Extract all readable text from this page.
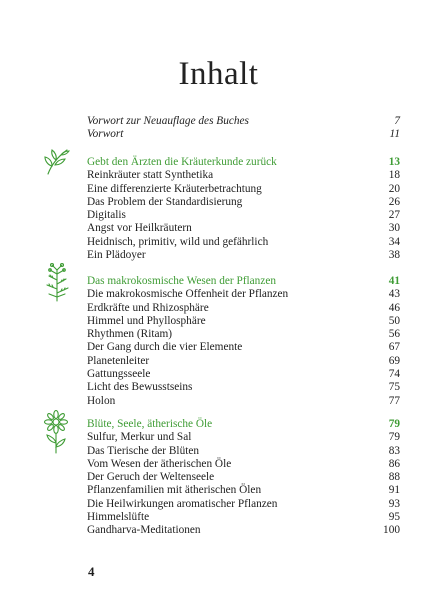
Inhalt
Vorwort zur Neuauflage des Buches	7
Vorwort	11
Gebt den Ärzten die Kräuterkunde zurück	13
Reinkräuter statt Synthetika	18
Eine differenzierte Kräuterbetrachtung	20
Das Problem der Standardisierung	26
Digitalis	27
Angst vor Heilkräutern	30
Heidnisch, primitiv, wild und gefährlich	34
Ein Plädoyer	38
Das makrokosmische Wesen der Pflanzen	41
Die makrokosmische Offenheit der Pflanzen	43
Erdkräfte und Rhizosphäre	46
Himmel und Phyllosphäre	50
Rhythmen (Ritam)	56
Der Gang durch die vier Elemente	67
Planetenleiter	69
Gattungsseele	74
Licht des Bewusstseins	75
Holon	77
Blüte, Seele, ätherische Öle	79
Sulfur, Merkur und Sal	79
Das Tierische der Blüten	83
Vom Wesen der ätherischen Öle	86
Der Geruch der Weltenseele	88
Pflanzenfamilien mit ätherischen Ölen	91
Die Heilwirkungen aromatischer Pflanzen	93
Himmelslüfte	95
Gandharva-Meditationen	100
4
